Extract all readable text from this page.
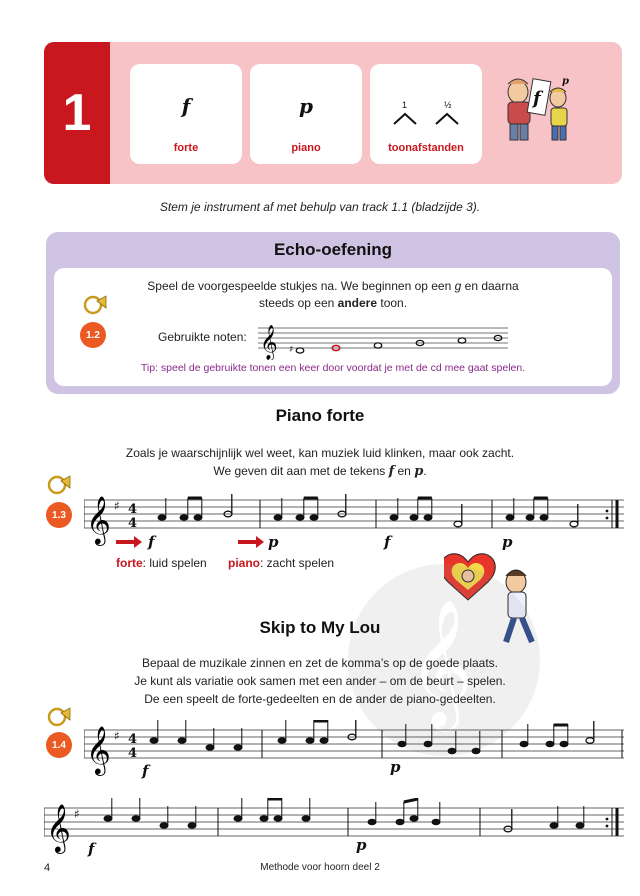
1	f
forte
p
piano
1	½
toonafstanden
f
p
Stem je instrument af met behulp van track 1.1 (bladzijde 3).
Echo-oefening
Speel de voorgespeelde stukjes na. We beginnen op een g en daarna
steeds op een andere toon.
Gebruikte noten: 𝄞 ♯
Tip: speel de gebruikte tonen een keer door voordat je met de cd mee gaat spelen.
1.2
Piano forte
Zoals je waarschijnlijk wel weet, kan muziek luid klinken, maar ook zacht.
We geven dit aan met de tekens f en p.
1.3 𝄞 ♯ 4
4
f	p	f	p
forte: luid spelen piano: zacht spelen
𝄞
Skip to My Lou
Bepaal de muzikale zinnen en zet de komma’s op de goede plaats.
Je kunt als variatie ook samen met een ander – om de beurt – spelen.
De een speelt de forte-gedeelten en de ander de piano-gedeelten.
1.4 𝄞 ♯ 4
4
f	p
𝄞 ♯
f	p
4	Methode voor hoorn deel 2
